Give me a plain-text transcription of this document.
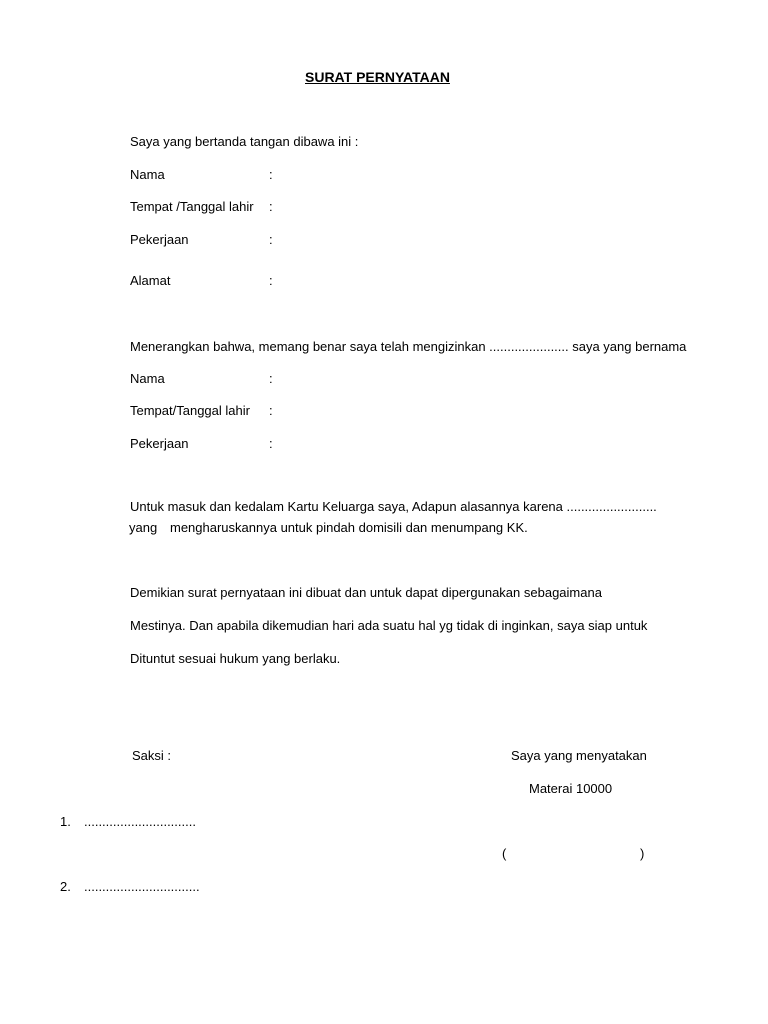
SURAT PERNYATAAN
Saya yang bertanda tangan dibawa ini :
Nama	:
Tempat /Tanggal lahir :
Pekerjaan	:
Alamat	:
Menerangkan bahwa, memang benar saya telah mengizinkan ...................... saya yang bernama
Nama	:
Tempat/Tanggal lahir :
Pekerjaan	:
Untuk masuk dan kedalam Kartu Keluarga saya, Adapun alasannya karena .........................
yang mengharuskannya untuk pindah domisili dan menumpang KK.
Demikian surat pernyataan ini dibuat dan untuk dapat dipergunakan sebagaimana
Mestinya. Dan apabila dikemudian hari ada suatu hal yg tidak di inginkan, saya siap untuk
Dituntut sesuai hukum yang berlaku.
Saksi :	Saya yang menyatakan
Materai 10000
1. ...............................
(	)
2. ................................
